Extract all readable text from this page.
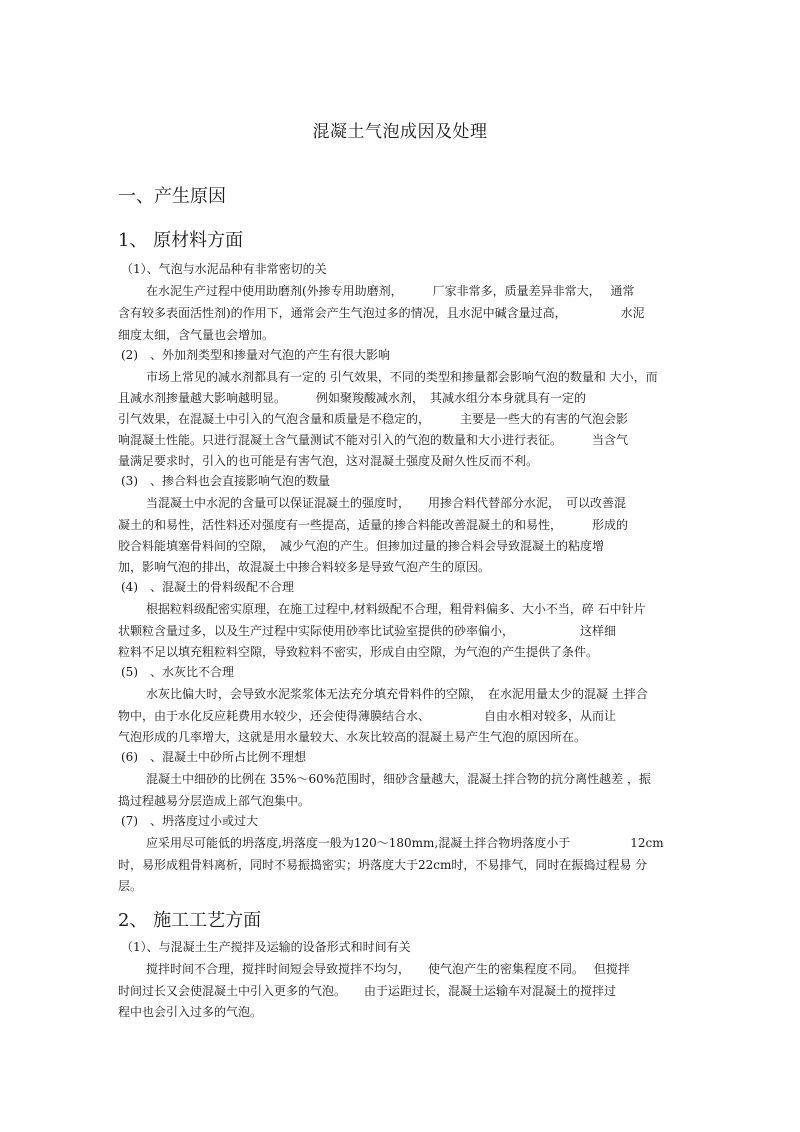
混凝土气泡成因及处理
一、产生原因
1、 原材料方面
（1）、气泡与水泥品种有非常密切的关
在水泥生产过程中使用助磨剂(外掺专用助磨剂，　　　厂家非常多，质量差异非常大，　 通常
含有较多表面活性剂)的作用下，通常会产生气泡过多的情况，且水泥中碱含量过高，　　　　　水泥
细度太细，含气量也会增加。
(2)　、外加剂类型和掺量对气泡的产生有很大影响
市场上常见的减水剂都具有一定的 引气效果，不同的类型和掺量都会影响气泡的数量和 大小，而
且减水剂掺量越大影响越明显。　　　例如聚羧酸减水剂，　其减水组分本身就具有一定的
引气效果，在混凝土中引入的气泡含量和质量是不稳定的，　　　主要是一些大的有害的气泡会影
响混凝土性能。只进行混凝土含气量测试不能对引入的气泡的数量和大小进行表征。　　　当含气
量满足要求时，引入的也可能是有害气泡，这对混凝土强度及耐久性反而不利。
(3)　、掺合料也会直接影响气泡的数量
当混凝土中水泥的含量可以保证混凝土的强度时，　　用掺合料代替部分水泥，　可以改善混
凝土的和易性，活性料还对强度有一些提高，适量的掺合料能改善混凝土的和易性，　　　形成的
胶合料能填塞骨料间的空隙，　减少气泡的产生。但掺加过量的掺合料会导致混凝土的粘度增
加，影响气泡的排出，故混凝土中掺合料较多是导致气泡产生的原因。
(4)　、混凝土的骨料级配不合理
根据粒料级配密实原理，在施工过程中,材料级配不合理，粗骨料偏多、大小不当，碎 石中针片
状颗粒含量过多，以及生产过程中实际使用砂率比试验室提供的砂率偏小，　　　　　　这样细
粒料不足以填充粗粒料空隙，导致粒料不密实，形成自由空隙，为气泡的产生提供了条件。
(5)　、水灰比不合理
水灰比偏大时，会导致水泥浆浆体无法充分填充骨料件的空隙，　在水泥用量太少的混凝 土拌合
物中，由于水化反应耗费用水较少，还会使得薄膜结合水、　　　　　自由水相对较多，从而让
气泡形成的几率增大，这就是用水量较大、水灰比较高的混凝土易产生气泡的原因所在。
(6)　、混凝土中砂所占比例不理想
混凝土中细砂的比例在 35%～60%范围时，细砂含量越大，混凝土拌合物的抗分离性越差 ，振
捣过程越易分层造成上部气泡集中。
(7)　、坍落度过小或过大
应采用尽可能低的坍落度,坍落度一般为120～180mm,混凝土拌合物坍落度小于　　　　　12cm
时，易形成粗骨料离析，同时不易振捣密实；坍落度大于22cm时，不易排气，同时在振捣过程易 分
层。
2、 施工工艺方面
（1）、与混凝土生产搅拌及运输的设备形式和时间有关
搅拌时间不合理，搅拌时间短会导致搅拌不均匀，　　使气泡产生的密集程度不同。　 但搅拌
时间过长又会使混凝土中引入更多的气泡。　　由于运距过长，混凝土运输车对混凝土的搅拌过
程中也会引入过多的气泡。
